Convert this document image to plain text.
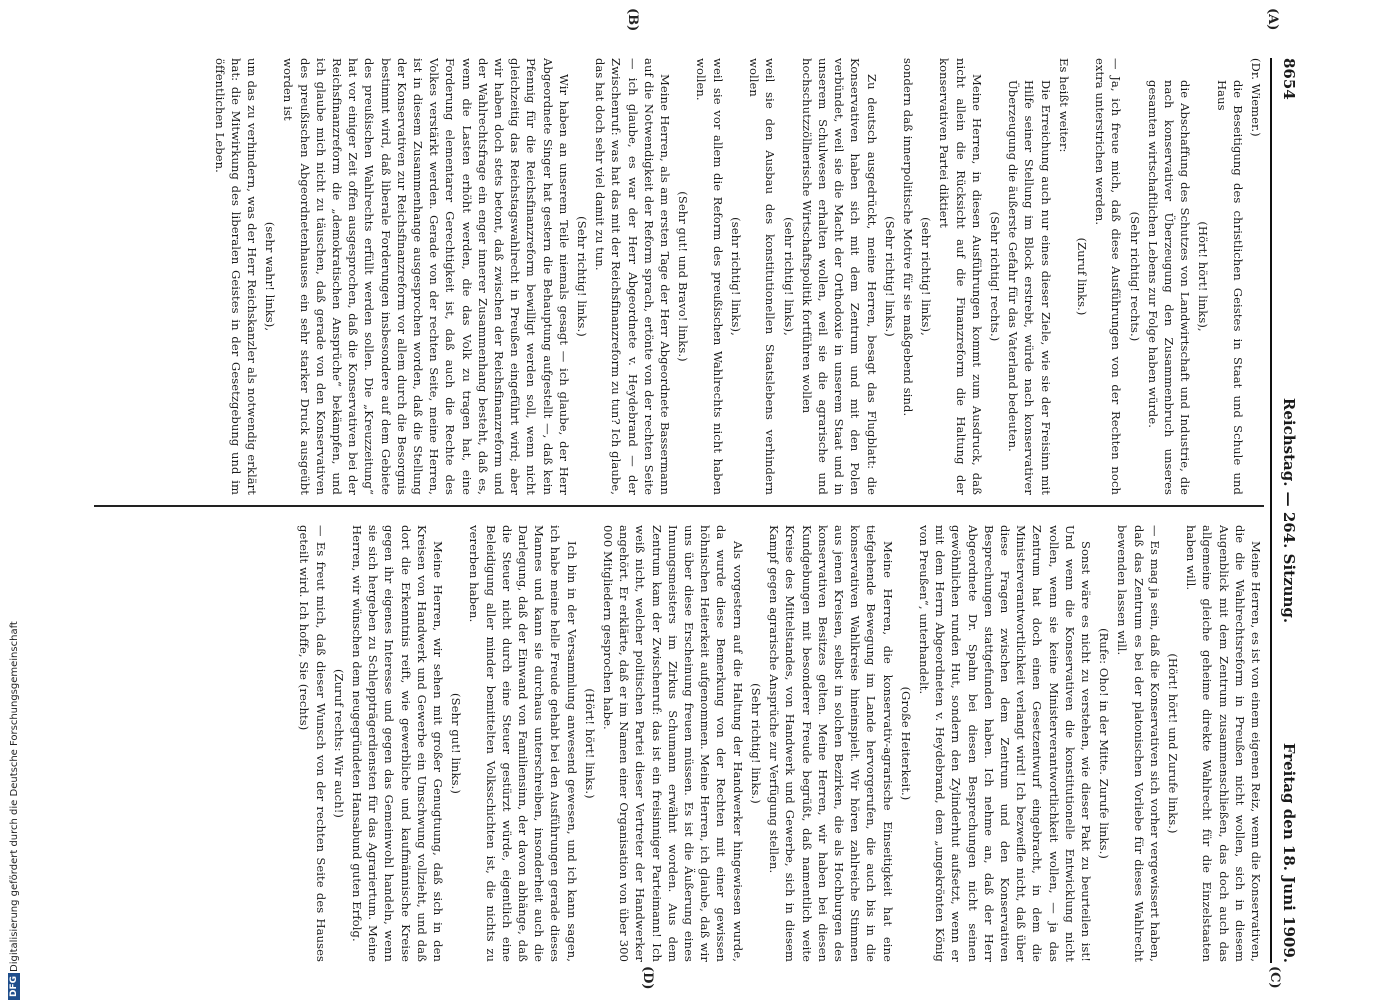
8654
Reichstag. — 264. Sitzung.
Freitag den 18. Juni 1909.
(A)
(B)
(C)
(D)

(Dr. Wiemer.)

die Beseitigung des christlichen Geistes in Staat und Schule und Haus

(Hört! hört! links),

die Abschaffung des Schutzes von Landwirtschaft und Industrie, die nach konservativer Überzeugung den Zusammenbruch unseres gesamten wirtschaftlichen Lebens zur Folge haben würde.

(Sehr richtig! rechts.)

— Ja, ich freue mich, daß diese Ausführungen von der Rechten noch extra unterstrichen werden.

(Zuruf links.)

Es heißt weiter:

Die Erreichung auch nur eines dieser Ziele, wie sie der Freisinn mit Hilfe seiner Stellung im Block erstrebt, würde nach konservativer Überzeugung die äußerste Gefahr für das Vaterland bedeuten.

(Sehr richtig! rechts.)

Meine Herren, in diesen Ausführungen kommt zum Ausdruck, daß nicht allein die Rücksicht auf die Finanzreform die Haltung der konservativen Partei diktiert

(sehr richtig! links),

sondern daß innerpolitische Motive für sie maßgebend sind.

(Sehr richtig! links.)

Zu deutsch ausgedrückt, meine Herren, besagt das Flugblatt: die Konservativen haben sich mit dem Zentrum und mit den Polen verbündet, weil sie die Macht der Orthodoxie in unserem Staat und in unserem Schulwesen erhalten wollen, weil sie die agrarische und hochschutzzöllnerische Wirtschaftspolitik fortführen wollen

(sehr richtig! links),

weil sie den Ausbau des konstitutionellen Staatslebens verhindern wollen

(sehr richtig! links),

weil sie vor allem die Reform des preußischen Wahlrechts nicht haben wollen.

(Sehr gut! und Bravo! links.)

Meine Herren, als am ersten Tage der Herr Abgeordnete Bassermann auf die Notwendigkeit der Reform sprach, ertönte von der rechten Seite — ich glaube, es war der Herr Abgeordnete v. Heydebrand — der Zwischenruf: was hat das mit der Reichsfinanzreform zu tun? Ich glaube, das hat doch sehr viel damit zu tun.

(Sehr richtig! links.)

Wir haben an unserem Teile niemals gesagt — ich glaube, der Herr Abgeordnete Singer hat gestern die Behauptung aufgestellt —, daß kein Pfennig für die Reichsfinanzreform bewilligt werden soll, wenn nicht gleichzeitig das Reichstagswahlrecht in Preußen eingeführt wird; aber wir haben doch stets betont, daß zwischen der Reichsfinanzreform und der Wahlrechtsfrage ein enger innerer Zusammenhang besteht, daß es, wenn die Lasten erhöht werden, die das Volk zu tragen hat, eine Forderung elementarer Gerechtigkeit ist, daß auch die Rechte des Volkes verstärkt werden. Gerade von der rechten Seite, meine Herren, ist in diesem Zusammenhange ausgesprochen worden, daß die Stellung der Konservativen zur Reichsfinanzreform vor allem durch die Besorgnis bestimmt wird, daß liberale Forderungen insbesondere auf dem Gebiete des preußischen Wahlrechts erfüllt werden sollen. Die „Kreuzzeitung“ hat vor einiger Zeit offen ausgesprochen, daß die Konservativen bei der Reichsfinanzreform die „demokratischen Ansprüche“ bekämpfen, und ich glaube mich nicht zu täuschen, daß gerade von den Konservativen des preußischen Abgeordnetenhauses ein sehr starker Druck ausgeübt worden ist

(sehr wahr! links),

um das zu verhindern, was der Herr Reichskanzler als notwendig erklärt hat: die Mitwirkung des liberalen Geistes in der Gesetzgebung und im öffentlichen Leben.

Meine Herren, es ist von einem eigenen Reiz, wenn die Konservativen, die die Wahlrechtsreform in Preußen nicht wollen, sich in diesem Augenblick mit dem Zentrum zusammenschließen, das doch auch das allgemeine gleiche geheime direkte Wahlrecht für die Einzelstaaten haben will.

(Hört! hört! und Zurufe links.)

— Es mag ja sein, daß die Konservativen sich vorher vergewissert haben, daß das Zentrum es bei der platonischen Vorliebe für dieses Wahlrecht bewenden lassen will.

(Rufe: Oho! in der Mitte. Zurufe links.)

Sonst wäre es nicht zu verstehen, wie dieser Pakt zu beurteilen ist! Und wenn die Konservativen die konstitutionelle Entwicklung nicht wollen, wenn sie keine Ministerverantwortlichkeit wollen, — ja das Zentrum hat doch einen Gesetzentwurf eingebracht, in dem die Ministerverantwortlichkeit verlangt wird! Ich bezweifle nicht, daß über diese Fragen zwischen dem Zentrum und den Konservativen Besprechungen stattgefunden haben. Ich nehme an, daß der Herr Abgeordnete Dr. Spahn bei diesen Besprechungen nicht seinen gewöhnlichen runden Hut, sondern den Zylinderhut aufsetzt, wenn er mit dem Herrn Abgeordneten v. Heydebrand, dem „ungekrönten König von Preußen“, unterhandelt.

(Große Heiterkeit.)

Meine Herren, die konservativ-agrarische Einseitigkeit hat eine tiefgehende Bewegung im Lande hervorgerufen, die auch bis in die konservativen Wahlkreise hineinspielt. Wir hören zahlreiche Stimmen aus jenen Kreisen, selbst in solchen Bezirken, die als Hochburgen des konservativen Besitzes gelten. Meine Herren, wir haben bei diesen Kundgebungen mit besonderer Freude begrüßt, daß namentlich weite Kreise des Mittelstandes, von Handwerk und Gewerbe, sich in diesem Kampf gegen agrarische Ansprüche zur Verfügung stellen.

(Sehr richtig! links.)

Als vorgestern auf die Haltung der Handwerker hingewiesen wurde, da wurde diese Bemerkung von der Rechten mit einer gewissen höhnischen Heiterkeit aufgenommen. Meine Herren, ich glaube, daß wir uns über diese Erscheinung freuen müssen. Es ist die Äußerung eines Innungsmeisters im Zirkus Schumann erwähnt worden. Aus dem Zentrum kam der Zwischenruf: das ist ein freisinniger Parteimann! Ich weiß nicht, welcher politischen Partei dieser Vertreter der Handwerker angehört. Er erklärte, daß er im Namen einer Organisation von über 300 000 Mitgliedern gesprochen habe.

(Hört! hört! links.)

Ich bin in der Versammlung anwesend gewesen, und ich kann sagen, ich habe meine helle Freude gehabt bei den Ausführungen gerade dieses Mannes und kann sie durchaus unterschreiben, insonderheit auch die Darlegung, daß der Einwand von Familiensinn, der davon abhänge, daß die Steuer nicht durch eine Steuer gestürzt würde, eigentlich eine Beleidigung aller minder bemittelten Volksschichten ist, die nichts zu vererben haben.

(Sehr gut! links.)

Meine Herren, wir sehen mit großer Genugtuung, daß sich in den Kreisen von Handwerk und Gewerbe ein Umschwung vollzieht, und daß dort die Erkenntnis reift, wie gewerbliche und kaufmännische Kreise gegen ihr eigenes Interesse und gegen das Gemeinwohl handeln, wenn sie sich hergeben zu Schleppträgerdiensten für das Agrariertum. Meine Herren, wir wünschen dem neugegründeten Hansabund guten Erfolg.

(Zuruf rechts: Wir auch!)

— Es freut mich, daß dieser Wunsch von der rechten Seite des Hauses geteilt wird. Ich hoffe, Sie (rechts)

DFG
Digitalisierung gefördert durch die Deutsche Forschungsgemeinschaft
